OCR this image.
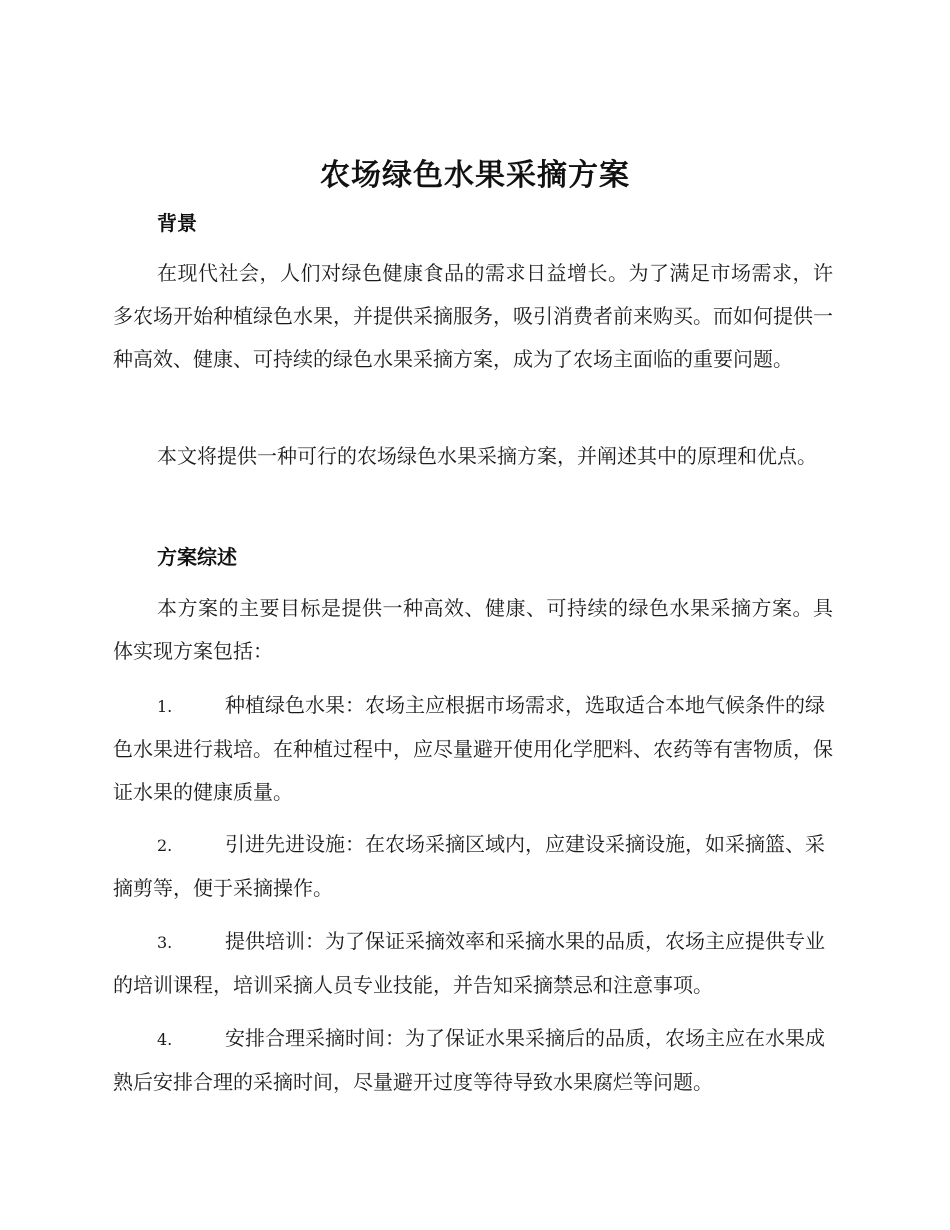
农场绿色水果采摘方案
背景

在现代社会，人们对绿色健康食品的需求日益增长。为了满足市场需求，许多农场开始种植绿色水果，并提供采摘服务，吸引消费者前来购买。而如何提供一种高效、健康、可持续的绿色水果采摘方案，成为了农场主面临的重要问题。

本文将提供一种可行的农场绿色水果采摘方案，并阐述其中的原理和优点。

方案综述

本方案的主要目标是提供一种高效、健康、可持续的绿色水果采摘方案。具体实现方案包括：

1.	种植绿色水果：农场主应根据市场需求，选取适合本地气候条件的绿色水果进行栽培。在种植过程中，应尽量避开使用化学肥料、农药等有害物质，保证水果的健康质量。

2.	引进先进设施：在农场采摘区域内，应建设采摘设施，如采摘篮、采摘剪等，便于采摘操作。

3.	提供培训：为了保证采摘效率和采摘水果的品质，农场主应提供专业的培训课程，培训采摘人员专业技能，并告知采摘禁忌和注意事项。

4.	安排合理采摘时间：为了保证水果采摘后的品质，农场主应在水果成熟后安排合理的采摘时间，尽量避开过度等待导致水果腐烂等问题。
